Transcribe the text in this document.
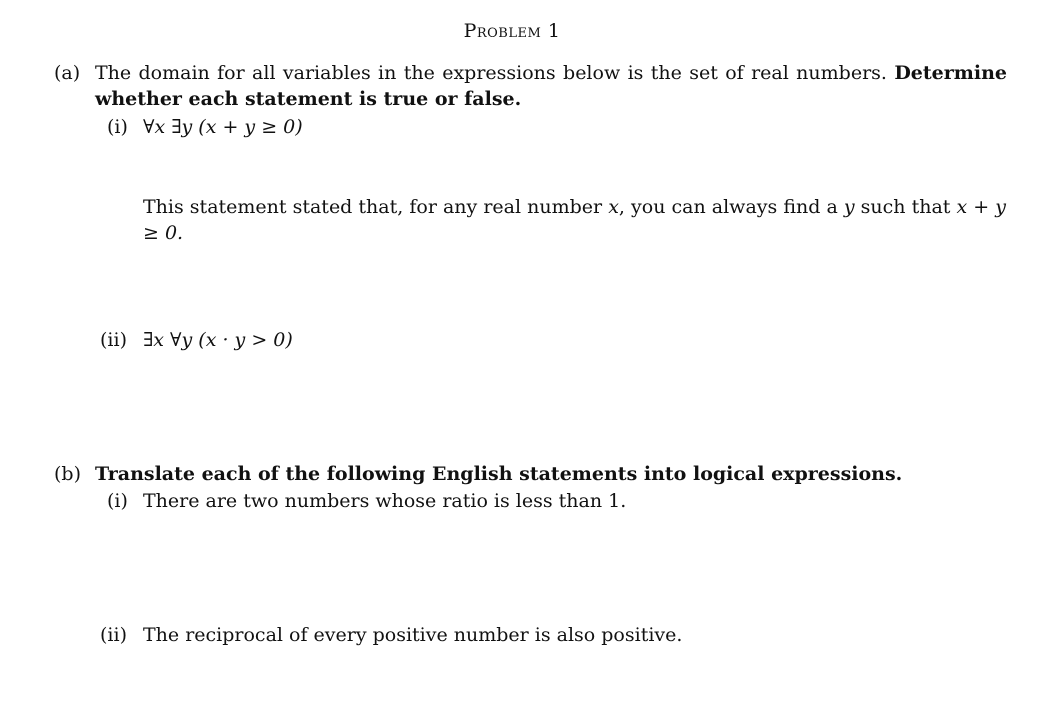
Problem 1
(a) The domain for all variables in the expressions below is the set of real numbers. Determine whether each statement is true or false.
(i) ∀x ∃y (x + y ≥ 0)
This statement stated that, for any real number x, you can always find a y such that x + y ≥ 0.
(ii) ∃x ∀y (x · y > 0)
(b) Translate each of the following English statements into logical expressions.
(i) There are two numbers whose ratio is less than 1.
(ii) The reciprocal of every positive number is also positive.
